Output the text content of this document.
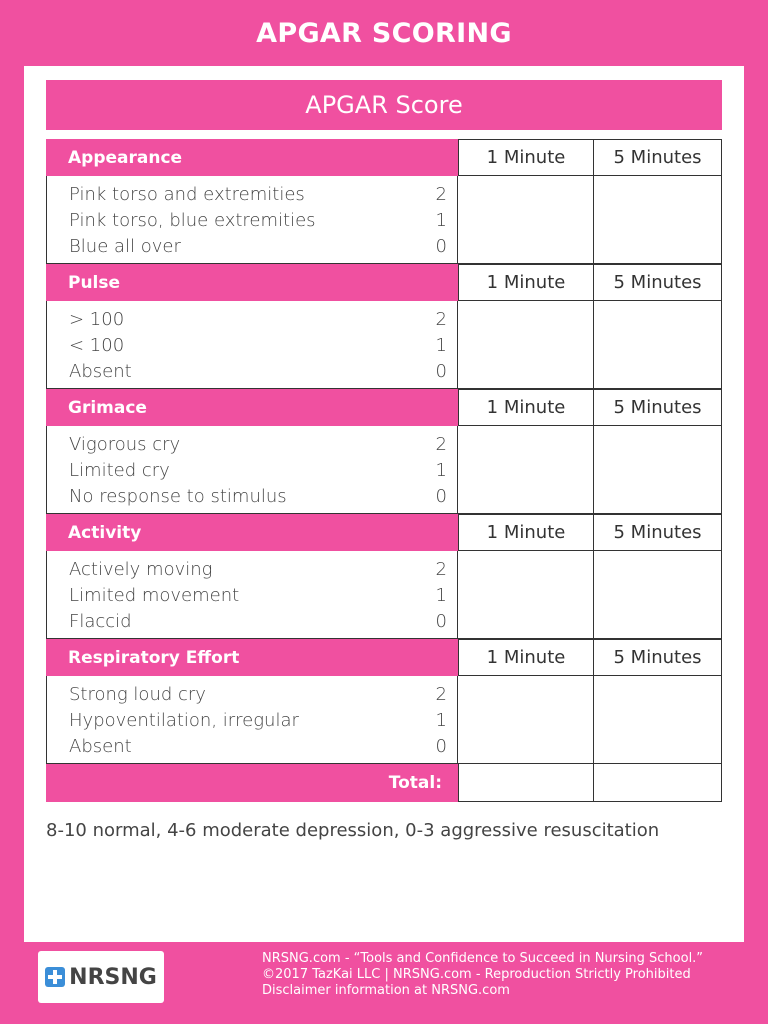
APGAR SCORING
APGAR Score
Appearance	1 Minute	5 Minutes
Pink torso and extremities	2
Pink torso, blue extremities	1
Blue all over	0
Pulse	1 Minute	5 Minutes
> 100	2
< 100	1
Absent	0
Grimace	1 Minute	5 Minutes
Vigorous cry	2
Limited cry	1
No response to stimulus	0
Activity	1 Minute	5 Minutes
Actively moving	2
Limited movement	1
Flaccid	0
Respiratory Effort	1 Minute	5 Minutes
Strong loud cry	2
Hypoventilation, irregular	1
Absent	0
Total:
8-10 normal, 4-6 moderate depression, 0-3 aggressive resuscitation
NRSNG
NRSNG.com - “Tools and Confidence to Succeed in Nursing School.”
©2017 TazKai LLC | NRSNG.com - Reproduction Strictly Prohibited
Disclaimer information at NRSNG.com
